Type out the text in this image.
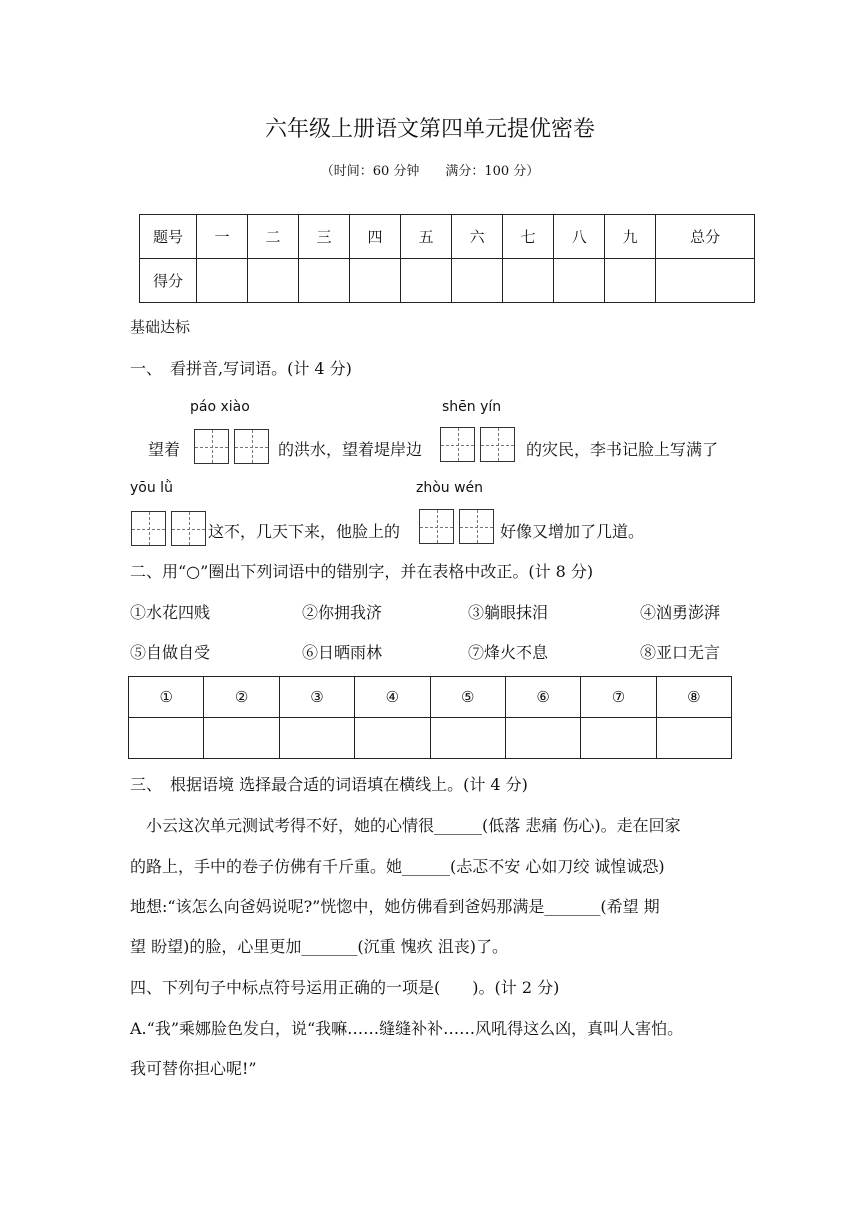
六年级上册语文第四单元提优密卷
（时间：60 分钟　　满分：100 分）
题号	一	二	三	四	五	六	七	八	九	总分
得分										
基础达标
一、　看拼音,写词语。(计 4 分)
páo xiào	shēn yín
望着	的洪水，望着堤岸边	的灾民，李书记脸上写满了
yōu lǜ	zhòu wén
这不，几天下来，他脸上的	好像又增加了几道。
二、用“○”圈出下列词语中的错别字，并在表格中改正。(计 8 分)
①水花四贱	②你拥我济	③躺眼抹泪	④汹勇澎湃
⑤自做自受	⑥日晒雨林	⑦烽火不息	⑧亚口无言
①	②	③	④	⑤	⑥	⑦	⑧

三、　根据语境 选择最合适的词语填在横线上。(计 4 分)
　小云这次单元测试考得不好，她的心情很______(低落 悲痛 伤心)。走在回家
的路上，手中的卷子仿佛有千斤重。她______(忐忑不安 心如刀绞 诚惶诚恐)
地想:“该怎么向爸妈说呢?”恍惚中，她仿佛看到爸妈那满是_______(希望 期
望 盼望)的脸，心里更加_______(沉重 愧疚 沮丧)了。
四、下列句子中标点符号运用正确的一项是(　　)。(计 2 分)
A.“我”乘娜脸色发白，说“我嘛……缝缝补补……风吼得这么凶，真叫人害怕。
我可替你担心呢!”
